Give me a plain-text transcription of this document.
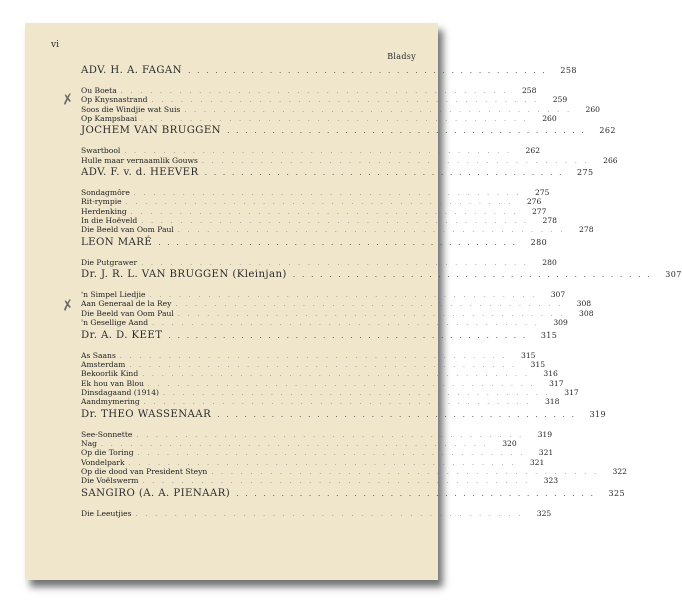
vi
Bladsy
✗
✗
ADV. H. A. FAGAN . . . . . . . . . . . . . . . . . . . . . . . . . . . . . . . . . . . . . . . .	258
Ou Boeta . . . . . . . . . . . . . . . . . . . . . . . . . . . . . . . . . . . . . . . .	258
Op Knysnastrand . . . . . . . . . . . . . . . . . . . . . . . . . . . . . . . . . . . . . . . .	259
Soos die Windjie wat Suis . . . . . . . . . . . . . . . . . . . . . . . . . . . . . . . . . . . . . . . .	260
Op Kampsbaai . . . . . . . . . . . . . . . . . . . . . . . . . . . . . . . . . . . . . . . .	260
JOCHEM VAN BRUGGEN . . . . . . . . . . . . . . . . . . . . . . . . . . . . . . . . . . . . . . . .	262
Swartbool . . . . . . . . . . . . . . . . . . . . . . . . . . . . . . . . . . . . . . . .	262
Hulle maar vernaamlik Gouws . . . . . . . . . . . . . . . . . . . . . . . . . . . . . . . . . . . . . . . .	266
ADV. F. v. d. HEEVER . . . . . . . . . . . . . . . . . . . . . . . . . . . . . . . . . . . . . . . .	275
Sondagmôre . . . . . . . . . . . . . . . . . . . . . . . . . . . . . . . . . . . . . . . .	275
Rit-rympie . . . . . . . . . . . . . . . . . . . . . . . . . . . . . . . . . . . . . . . .	276
Herdenking . . . . . . . . . . . . . . . . . . . . . . . . . . . . . . . . . . . . . . . .	277
In die Hoëveld . . . . . . . . . . . . . . . . . . . . . . . . . . . . . . . . . . . . . . . .	278
Die Beeld van Oom Paul . . . . . . . . . . . . . . . . . . . . . . . . . . . . . . . . . . . . . . . .	278
LEON MARÉ . . . . . . . . . . . . . . . . . . . . . . . . . . . . . . . . . . . . . . . .	280
Die Putgrawer . . . . . . . . . . . . . . . . . . . . . . . . . . . . . . . . . . . . . . . .	280
Dr. J. R. L. VAN BRUGGEN (Kleinjan) . . . . . . . . . . . . . . . . . . . . . . . . . . . . . . . . . . . . . . . .	307
'n Simpel Liedjie . . . . . . . . . . . . . . . . . . . . . . . . . . . . . . . . . . . . . . . .	307
Aan Generaal de la Rey . . . . . . . . . . . . . . . . . . . . . . . . . . . . . . . . . . . . . . . .	308
Die Beeld van Oom Paul . . . . . . . . . . . . . . . . . . . . . . . . . . . . . . . . . . . . . . . .	308
'n Gesellige Aand . . . . . . . . . . . . . . . . . . . . . . . . . . . . . . . . . . . . . . . .	309
Dr. A. D. KEET . . . . . . . . . . . . . . . . . . . . . . . . . . . . . . . . . . . . . . . .	315
As Saans . . . . . . . . . . . . . . . . . . . . . . . . . . . . . . . . . . . . . . . .	315
Amsterdam . . . . . . . . . . . . . . . . . . . . . . . . . . . . . . . . . . . . . . . .	315
Bekoorlik Kind . . . . . . . . . . . . . . . . . . . . . . . . . . . . . . . . . . . . . . . .	316
Ek hou van Blou . . . . . . . . . . . . . . . . . . . . . . . . . . . . . . . . . . . . . . . .	317
Dinsdagaand (1914) . . . . . . . . . . . . . . . . . . . . . . . . . . . . . . . . . . . . . . . .	317
Aandmymering . . . . . . . . . . . . . . . . . . . . . . . . . . . . . . . . . . . . . . . .	318
Dr. THEO WASSENAAR . . . . . . . . . . . . . . . . . . . . . . . . . . . . . . . . . . . . . . . .	319
See-Sonnette . . . . . . . . . . . . . . . . . . . . . . . . . . . . . . . . . . . . . . . .	319
Nag . . . . . . . . . . . . . . . . . . . . . . . . . . . . . . . . . . . . . . . .	320
Op die Toring . . . . . . . . . . . . . . . . . . . . . . . . . . . . . . . . . . . . . . . .	321
Vondelpark . . . . . . . . . . . . . . . . . . . . . . . . . . . . . . . . . . . . . . . .	321
Op die dood van President Steyn . . . . . . . . . . . . . . . . . . . . . . . . . . . . . . . . . . . . . . . .	322
Die Voëlswerm . . . . . . . . . . . . . . . . . . . . . . . . . . . . . . . . . . . . . . . .	323
SANGIRO (A. A. PIENAAR) . . . . . . . . . . . . . . . . . . . . . . . . . . . . . . . . . . . . . . . .	325
Die Leeutjies . . . . . . . . . . . . . . . . . . . . . . . . . . . . . . . . . . . . . . . .	325
